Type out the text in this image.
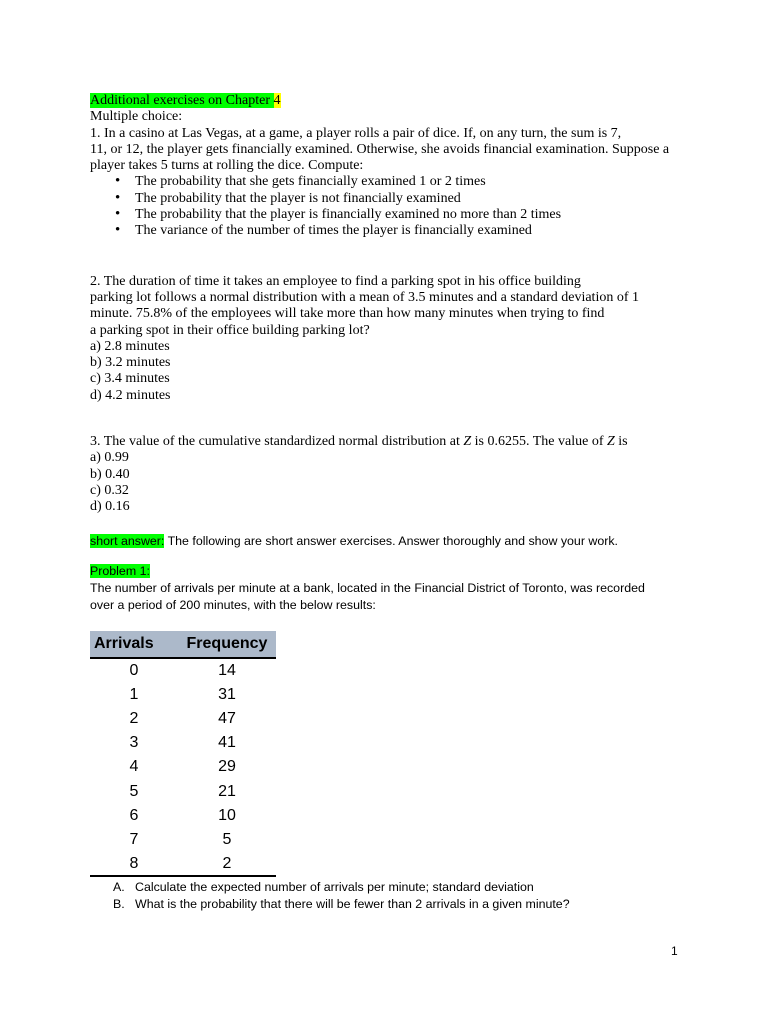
Additional exercises on Chapter 4

Multiple choice:

1. In a casino at Las Vegas, at a game, a player rolls a pair of dice. If, on any turn, the sum is 7,

11, or 12, the player gets financially examined. Otherwise, she avoids financial examination. Suppose a

player takes 5 turns at rolling the dice. Compute:

• The probability that she gets financially examined 1 or 2 times
• The probability that the player is not financially examined
• The probability that the player is financially examined no more than 2 times
• The variance of the number of times the player is financially examined

2. The duration of time it takes an employee to find a parking spot in his office building

parking lot follows a normal distribution with a mean of 3.5 minutes and a standard deviation of 1

minute. 75.8% of the employees will take more than how many minutes when trying to find

a parking spot in their office building parking lot?

a) 2.8 minutes

b) 3.2 minutes

c) 3.4 minutes

d) 4.2 minutes

3. The value of the cumulative standardized normal distribution at Z is 0.6255. The value of Z is

a) 0.99

b) 0.40

c) 0.32

d) 0.16

short answer: The following are short answer exercises. Answer thoroughly and show your work.

Problem 1:

The number of arrivals per minute at a bank, located in the Financial District of Toronto, was recorded

over a period of 200 minutes, with the below results:

Arrivals	Frequency
0	14
1	31
2	47
3	41
4	29
5	21
6	10
7	5
8	2
A. Calculate the expected number of arrivals per minute; standard deviation
B. What is the probability that there will be fewer than 2 arrivals in a given minute?
1
